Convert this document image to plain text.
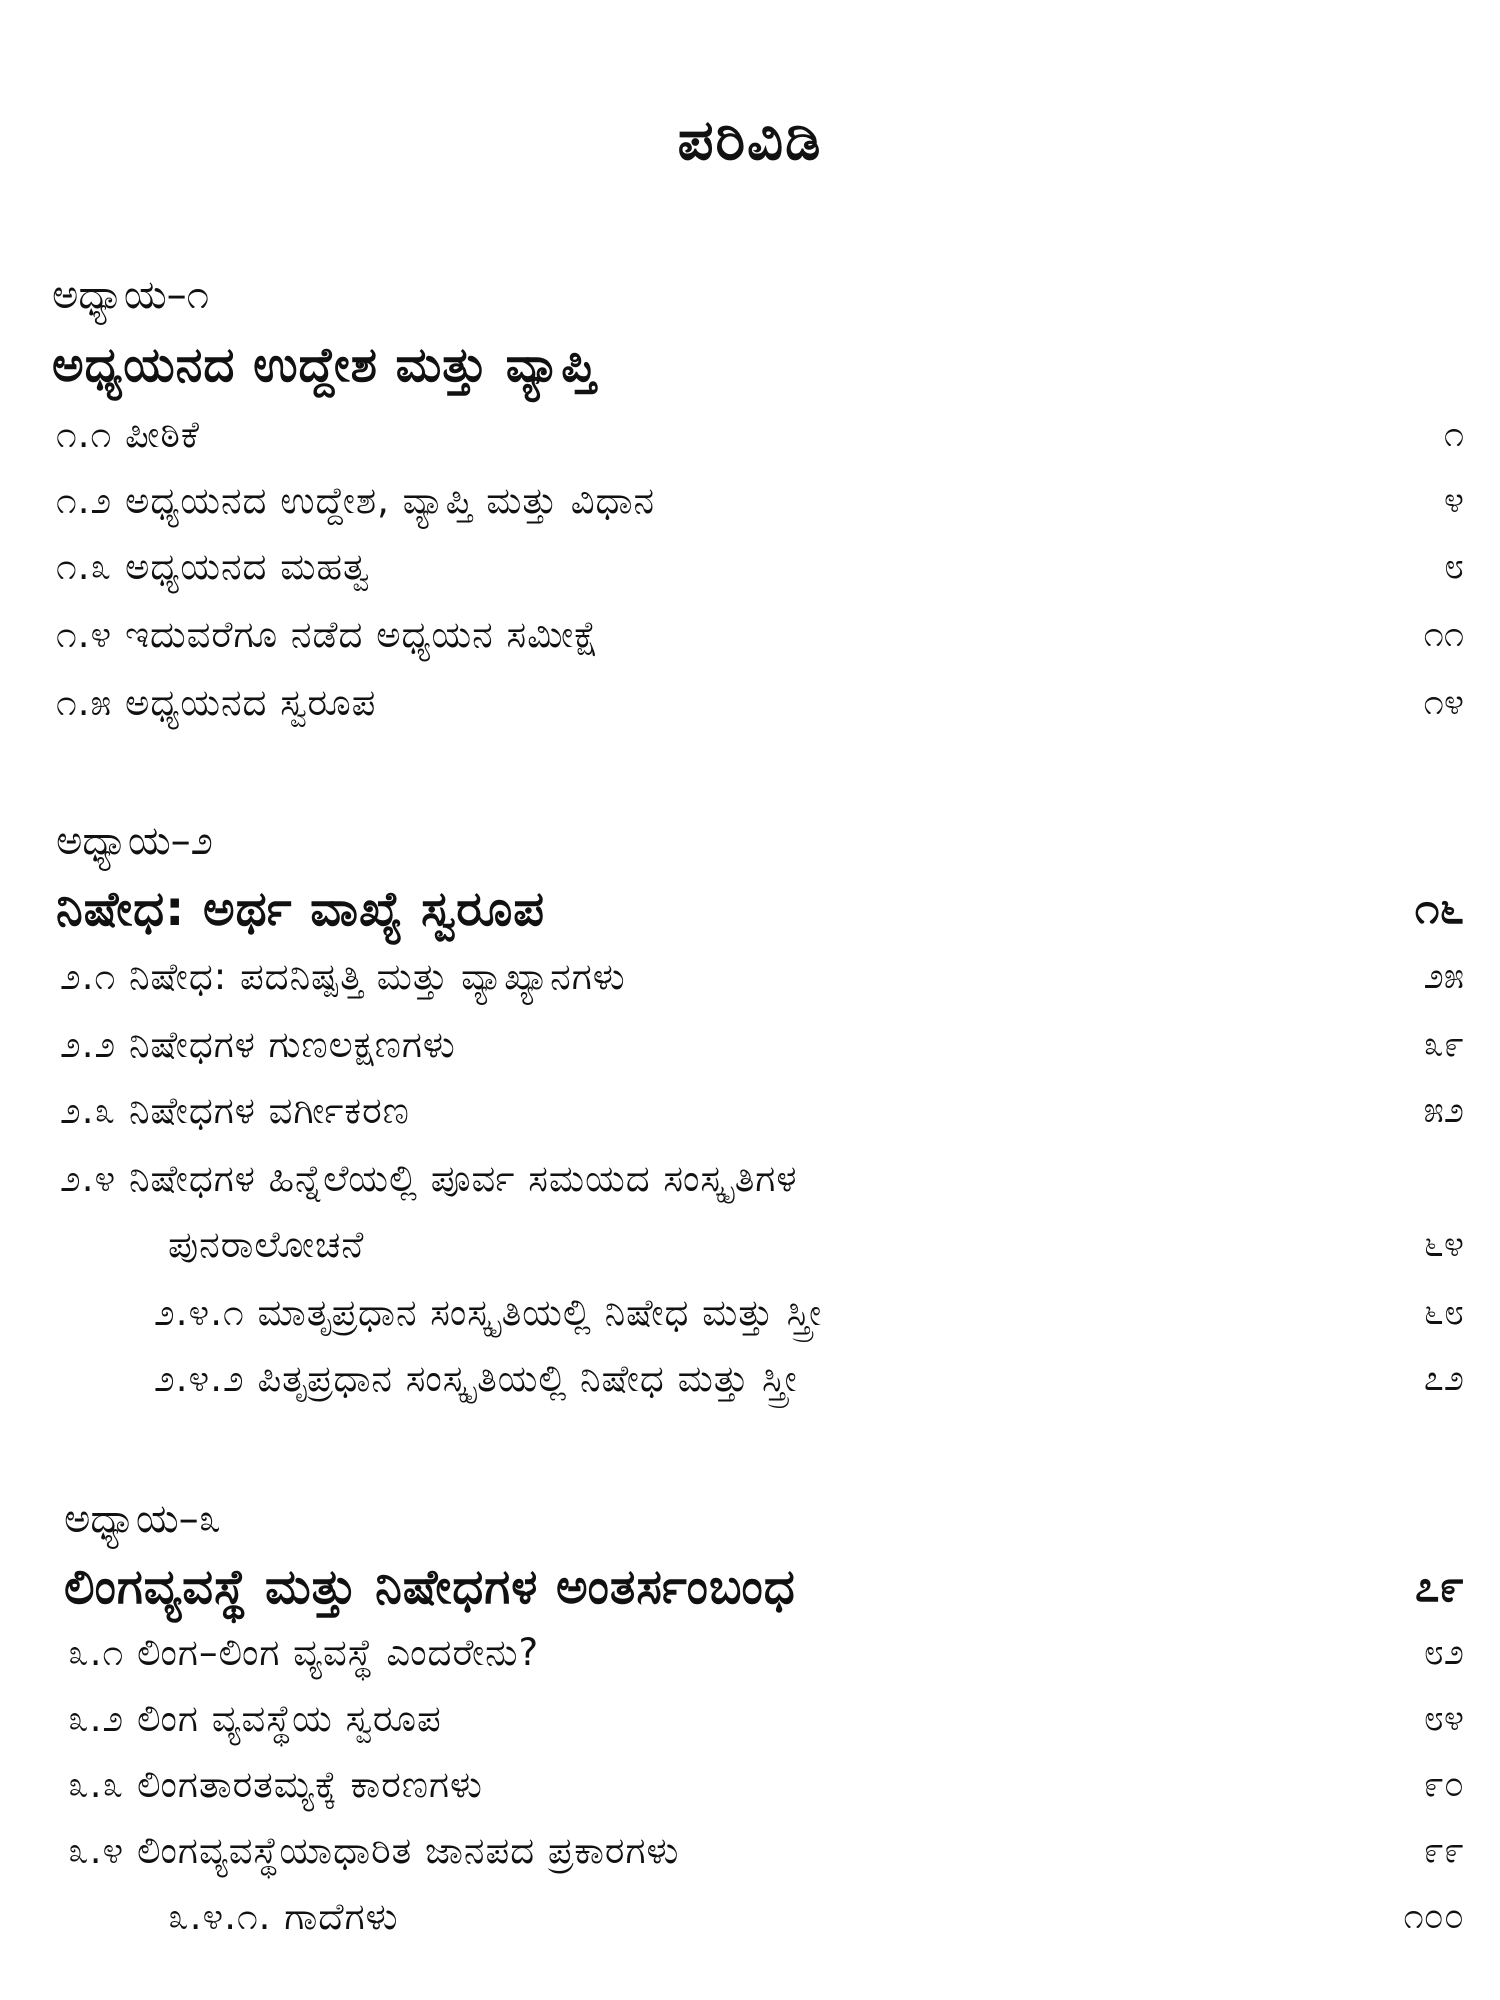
ಪರಿವಿಡಿ
ಅಧ್ಯಾಯ–೧
ಅಧ್ಯಯನದ ಉದ್ದೇಶ ಮತ್ತು ವ್ಯಾಪ್ತಿ
೧.೧ ಪೀಠಿಕೆ	೧
೧.೨ ಅಧ್ಯಯನದ ಉದ್ದೇಶ, ವ್ಯಾಪ್ತಿ ಮತ್ತು ವಿಧಾನ	೪
೧.೩ ಅಧ್ಯಯನದ ಮಹತ್ವ	೮
೧.೪ ಇದುವರೆಗೂ ನಡೆದ ಅಧ್ಯಯನ ಸಮೀಕ್ಷೆ	೧೧
೧.೫ ಅಧ್ಯಯನದ ಸ್ವರೂಪ	೧೪
ಅಧ್ಯಾಯ–೨
ನಿಷೇಧ: ಅರ್ಥ ವಾಖ್ಯೆ ಸ್ವರೂಪ	೧೬
೨.೧ ನಿಷೇಧ: ಪದನಿಷ್ಪತ್ತಿ ಮತ್ತು ವ್ಯಾಖ್ಯಾನಗಳು	೨೫
೨.೨ ನಿಷೇಧಗಳ ಗುಣಲಕ್ಷಣಗಳು	೩೯
೨.೩ ನಿಷೇಧಗಳ ವರ್ಗೀಕರಣ	೫೨
೨.೪ ನಿಷೇಧಗಳ ಹಿನ್ನೆಲೆಯಲ್ಲಿ ಪೂರ್ವ ಸಮಯದ ಸಂಸ್ಕೃತಿಗಳ
ಪುನರಾಲೋಚನೆ	೬೪
೨.೪.೧ ಮಾತೃಪ್ರಧಾನ ಸಂಸ್ಕೃತಿಯಲ್ಲಿ ನಿಷೇಧ ಮತ್ತು ಸ್ತ್ರೀ	೬೮
೨.೪.೨ ಪಿತೃಪ್ರಧಾನ ಸಂಸ್ಕೃತಿಯಲ್ಲಿ ನಿಷೇಧ ಮತ್ತು ಸ್ತ್ರೀ	೭೨
ಅಧ್ಯಾಯ–೩
ಲಿಂಗವ್ಯವಸ್ಥೆ ಮತ್ತು ನಿಷೇಧಗಳ ಅಂತರ್ಸಂಬಂಧ	೭೯
೩.೧ ಲಿಂಗ–ಲಿಂಗ ವ್ಯವಸ್ಥೆ ಎಂದರೇನು?	೮೨
೩.೨ ಲಿಂಗ ವ್ಯವಸ್ಥೆಯ ಸ್ವರೂಪ	೮೪
೩.೩ ಲಿಂಗತಾರತಮ್ಯಕ್ಕೆ ಕಾರಣಗಳು	೯೦
೩.೪ ಲಿಂಗವ್ಯವಸ್ಥೆಯಾಧಾರಿತ ಜಾನಪದ ಪ್ರಕಾರಗಳು	೯೯
೩.೪.೧. ಗಾದೆಗಳು	೧೦೦
